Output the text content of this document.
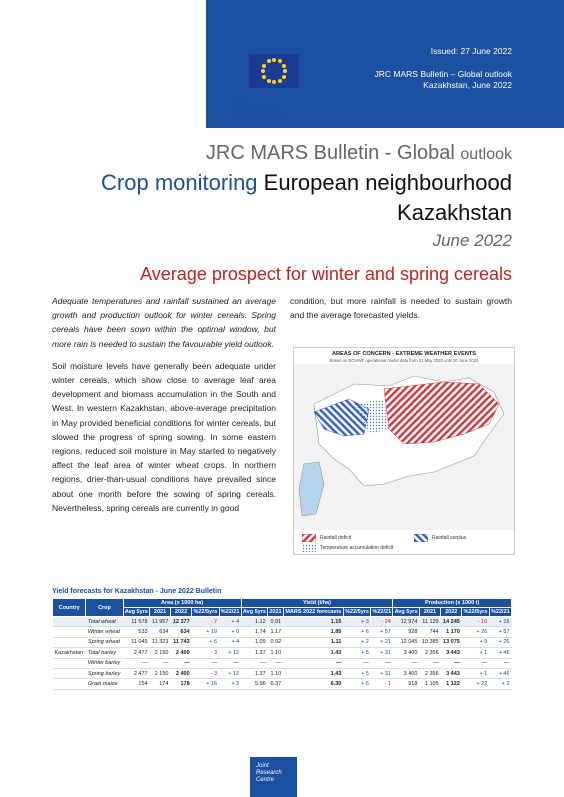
European
Commission
Issued: 27 June 2022
JRC MARS Bulletin – Global outlook
Kazakhstan, June 2022
JRC MARS Bulletin - Global outlook
Crop monitoring European neighbourhood
Kazakhstan
June 2022
Average prospect for winter and spring cereals

Adequate temperatures and rainfall sustained an average growth and production outlook for winter cereals. Spring cereals have been sown within the optimal window, but more rain is needed to sustain the favourable yield outlook.

Soil moisture levels have generally been adequate under winter cereals, which show close to average leaf area development and biomass accumulation in the South and West. In western Kazakhstan, above-average precipitation in May provided beneficial conditions for winter cereals, but slowed the progress of spring sowing. In some eastern regions, reduced soil moisture in May started to negatively affect the leaf area of winter wheat crops. In northern regions, drier-than-usual conditions have prevailed since about one month before the sowing of spring cereals. Nevertheless, spring cereals are currently in good

condition, but more rainfall is needed to sustain growth and the average forecasted yields.

AREAS OF CONCERN - EXTREME WEATHER EVENTS
Based on ECMWF operational model data from 01 May 2022 until 20 June 2022
Rainfall deficit	Rainfall surplus
Temperature accumulation deficit
Yield forecasts for Kazakhstan - June 2022 Bulletin
Country	Crop	Area (x 1000 ha)					Yield (t/ha)					Production (x 1000 t)				
		Avg 5yrs	2021	2022	%22/5yrs	%22/21	Avg 5yrs	2021	MARS 2022 forecasts	%22/5yrs	%22/21	Avg 5yrs	2021	2022	%22/5yrs	%22/21
	Total wheat	11 578	11 957	12 377	- 7	+ 4	1.12	0.91	1.15	+ 3	- 24	12 974	11 129	14 245	- 10	+ 28
	Winter wheat	533	634	634	+ 19	+ 0	1.74	1.17	1.85	+ 6	+ 57	928	744	1 170	+ 26	+ 57
	Spring wheat	11 045	11 323	11 743	+ 6	+ 4	1.09	0.92	1.11	+ 2	+ 21	12 045	10 385	13 075	+ 9	+ 26
Kazakhstan	Total barley	2 477	2 150	2 400	- 3	+ 12	1.37	1.10	1.43	+ 5	+ 31	3 400	2 356	3 443	+ 1	+ 46
	Winter barley	—	—	—	—	—	—	—	—	—	—	—	—	—	—	—
	Spring barley	2 477	2 150	2 400	- 3	+ 12	1.37	1.10	1.43	+ 5	+ 31	3 400	2 356	3 443	+ 1	+ 46
	Grain maize	154	174	178	+ 16	+ 3	5.96	6.37	6.30	+ 6	- 1	918	1 105	1 122	+ 22	+ 2
Joint
Research
Centre
